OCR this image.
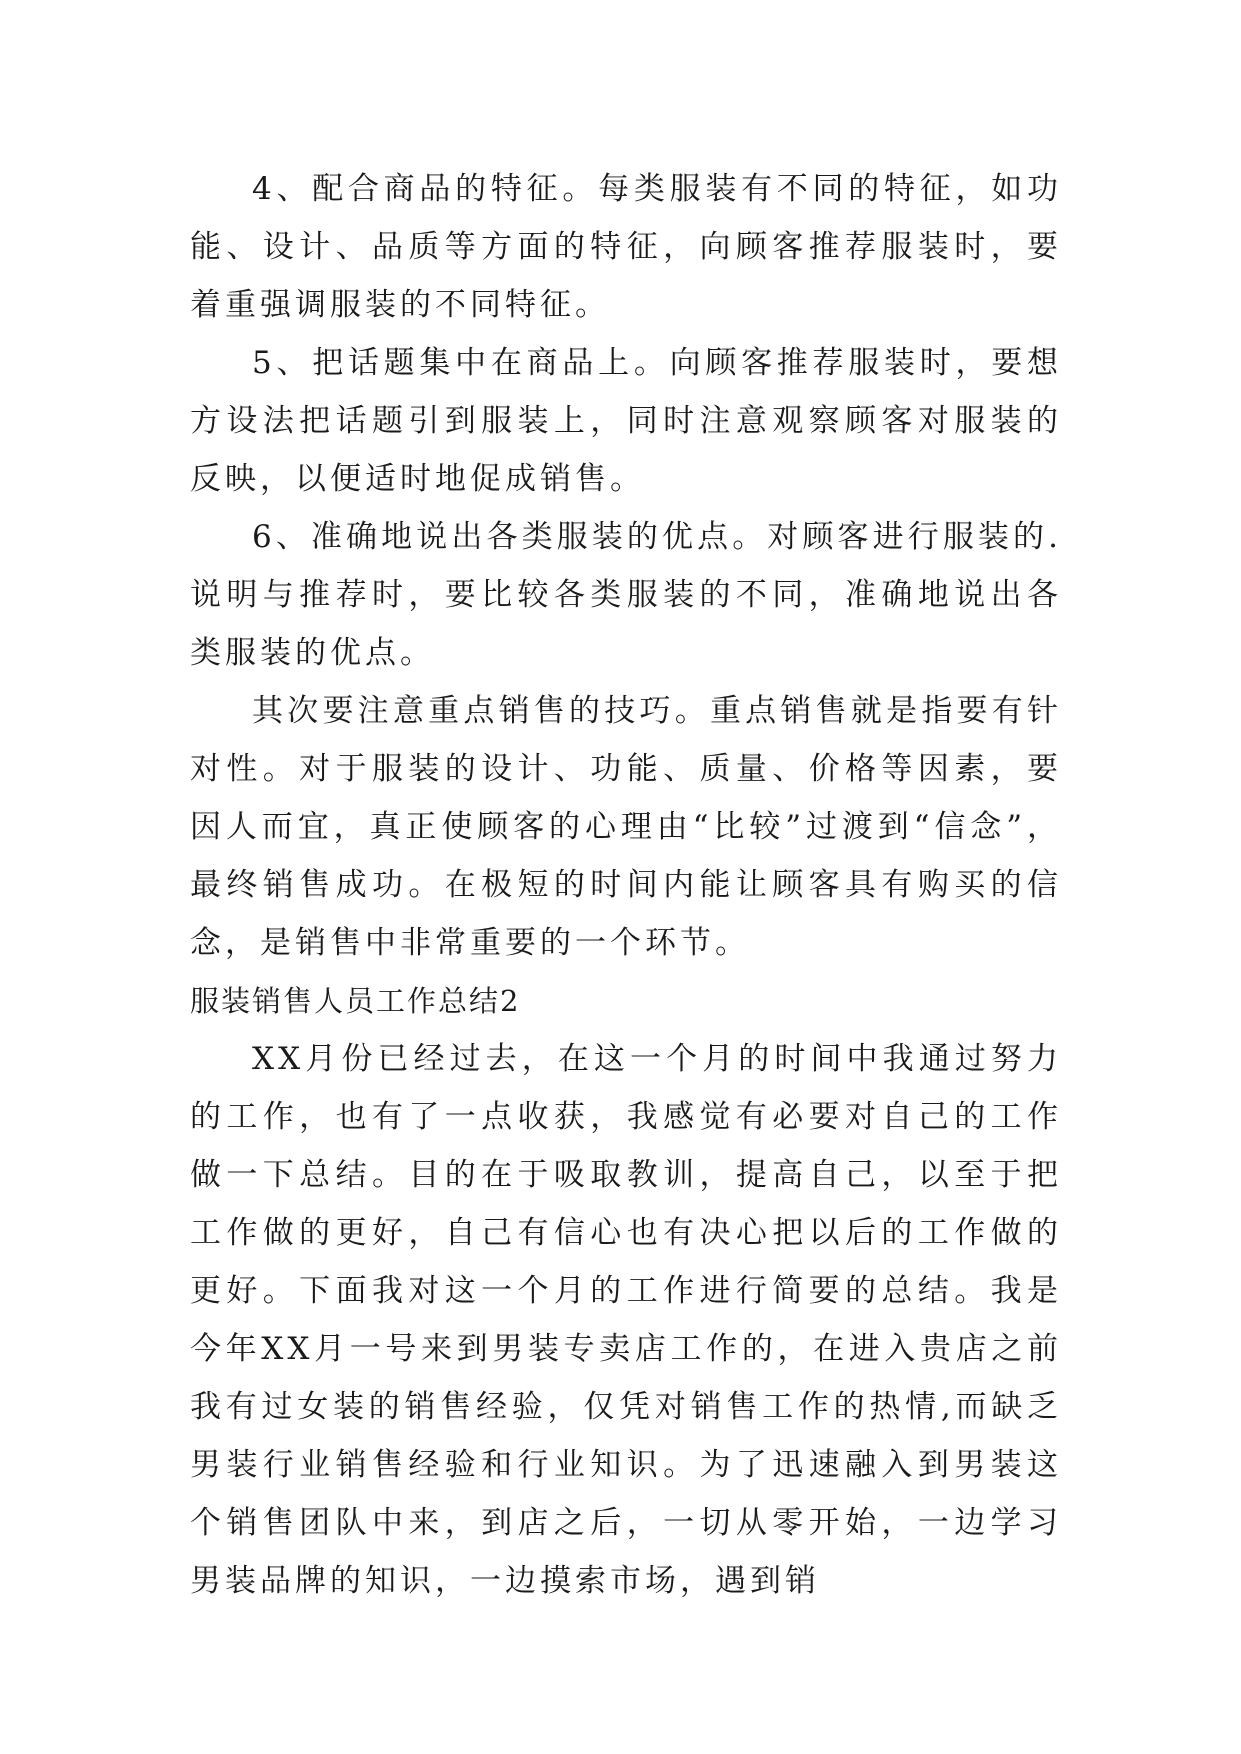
4、配合商品的特征。每类服装有不同的特征，如功能、设计、品质等方面的特征，向顾客推荐服装时，要着重强调服装的不同特征。

5、把话题集中在商品上。向顾客推荐服装时，要想方设法把话题引到服装上，同时注意观察顾客对服装的反映，以便适时地促成销售。

6、准确地说出各类服装的优点。对顾客进行服装的.说明与推荐时，要比较各类服装的不同，准确地说出各类服装的优点。

其次要注意重点销售的技巧。重点销售就是指要有针对性。对于服装的设计、功能、质量、价格等因素，要因人而宜，真正使顾客的心理由“比较”过渡到“信念”，最终销售成功。在极短的时间内能让顾客具有购买的信念，是销售中非常重要的一个环节。

服装销售人员工作总结2

XX月份已经过去，在这一个月的时间中我通过努力的工作，也有了一点收获，我感觉有必要对自己的工作做一下总结。目的在于吸取教训，提高自己，以至于把工作做的更好，自己有信心也有决心把以后的工作做的更好。下面我对这一个月的工作进行简要的总结。我是今年XX月一号来到男装专卖店工作的，在进入贵店之前我有过女装的销售经验，仅凭对销售工作的热情,而缺乏男装行业销售经验和行业知识。为了迅速融入到男装这个销售团队中来，到店之后，一切从零开始，一边学习男装品牌的知识，一边摸索市场，遇到销
